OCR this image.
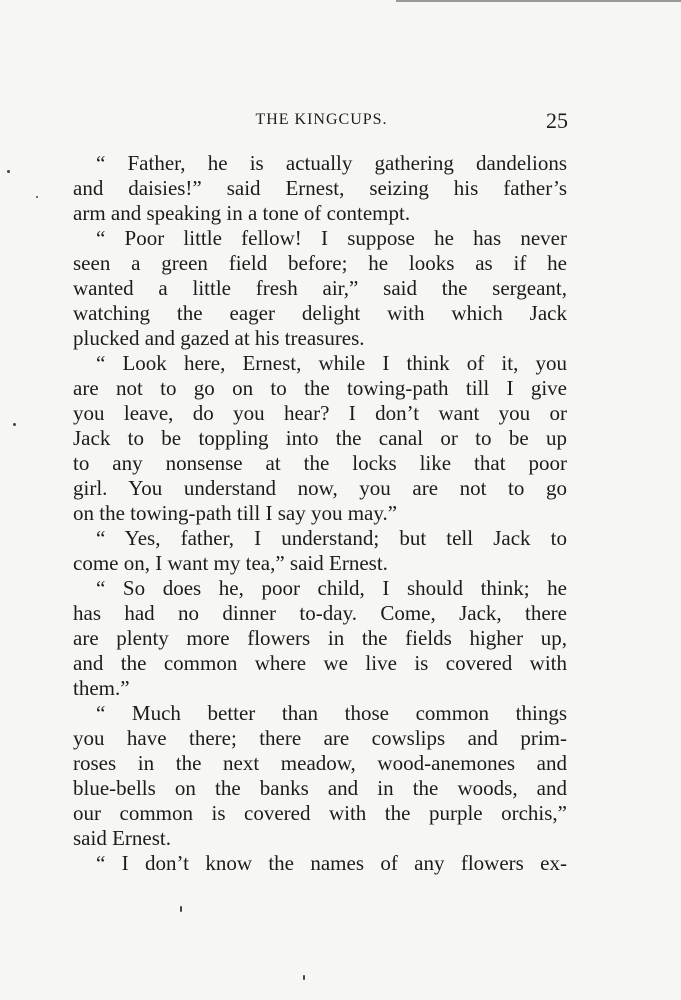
THE KINGCUPS.	25
“ Father, he is actually gathering dandelions
and daisies!” said Ernest, seizing his father’s
arm and speaking in a tone of contempt.
“ Poor little fellow! I suppose he has never
seen a green field before; he looks as if he
wanted a little fresh air,” said the sergeant,
watching the eager delight with which Jack
plucked and gazed at his treasures.
“ Look here, Ernest, while I think of it, you
are not to go on to the towing-path till I give
you leave, do you hear? I don’t want you or
Jack to be toppling into the canal or to be up
to any nonsense at the locks like that poor
girl. You understand now, you are not to go
on the towing-path till I say you may.”
“ Yes, father, I understand; but tell Jack to
come on, I want my tea,” said Ernest.
“ So does he, poor child, I should think; he
has had no dinner to-day. Come, Jack, there
are plenty more flowers in the fields higher up,
and the common where we live is covered with
them.”
“ Much better than those common things
you have there; there are cowslips and prim-
roses in the next meadow, wood-anemones and
blue-bells on the banks and in the woods, and
our common is covered with the purple orchis,”
said Ernest.
“ I don’t know the names of any flowers ex-
